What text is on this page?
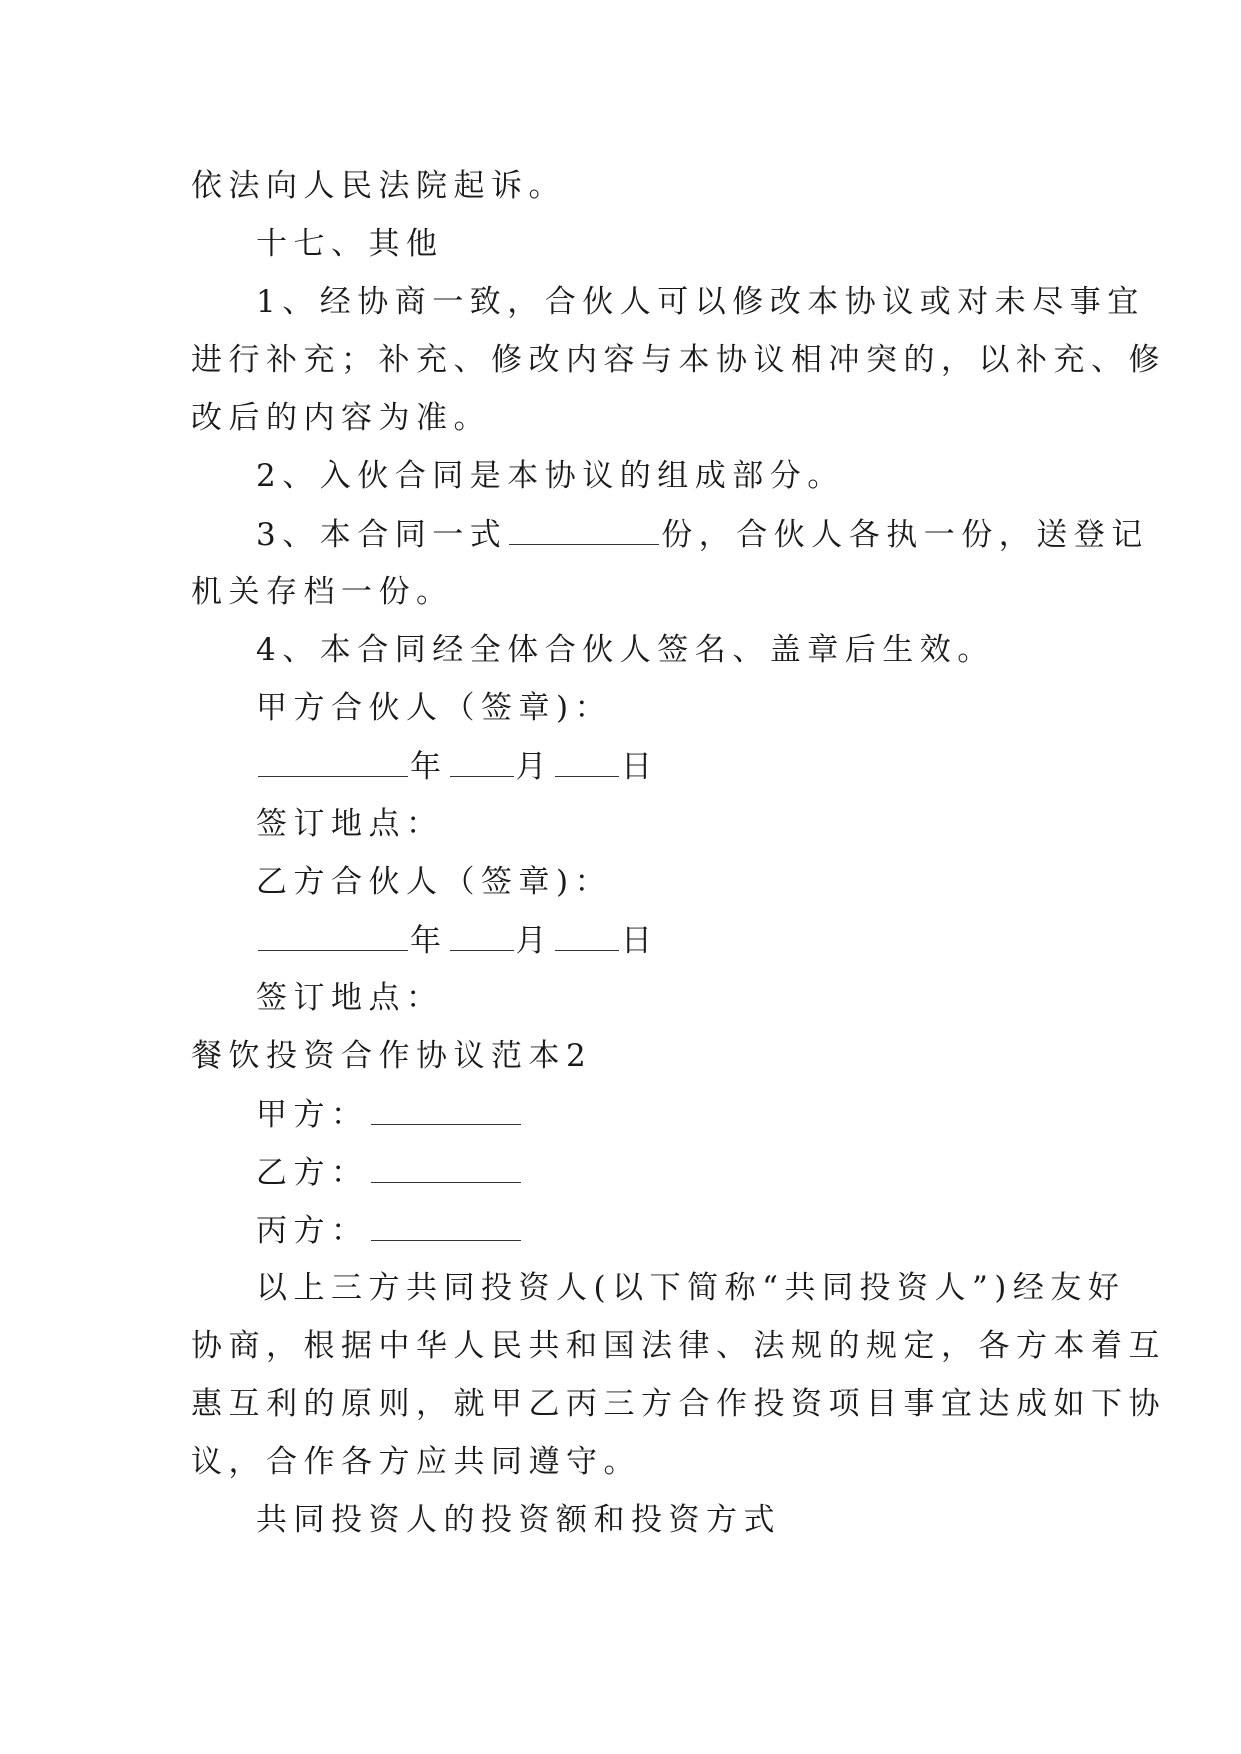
依法向人民法院起诉。
十七、其他
1、经协商一致，合伙人可以修改本协议或对未尽事宜
进行补充；补充、修改内容与本协议相冲突的，以补充、修
改后的内容为准。
2、入伙合同是本协议的组成部分。
3、本合同一式	份，合伙人各执一份，送登记
机关存档一份。
4、本合同经全体合伙人签名、盖章后生效。
甲方合伙人（签章)：
年 月 日
签订地点：
乙方合伙人（签章)：
年 月 日
签订地点：
餐饮投资合作协议范本2
甲方：
乙方：
丙方：
以上三方共同投资人(以下简称“共同投资人”)经友好
协商，根据中华人民共和国法律、法规的规定，各方本着互
惠互利的原则，就甲乙丙三方合作投资项目事宜达成如下协
议，合作各方应共同遵守。
共同投资人的投资额和投资方式
